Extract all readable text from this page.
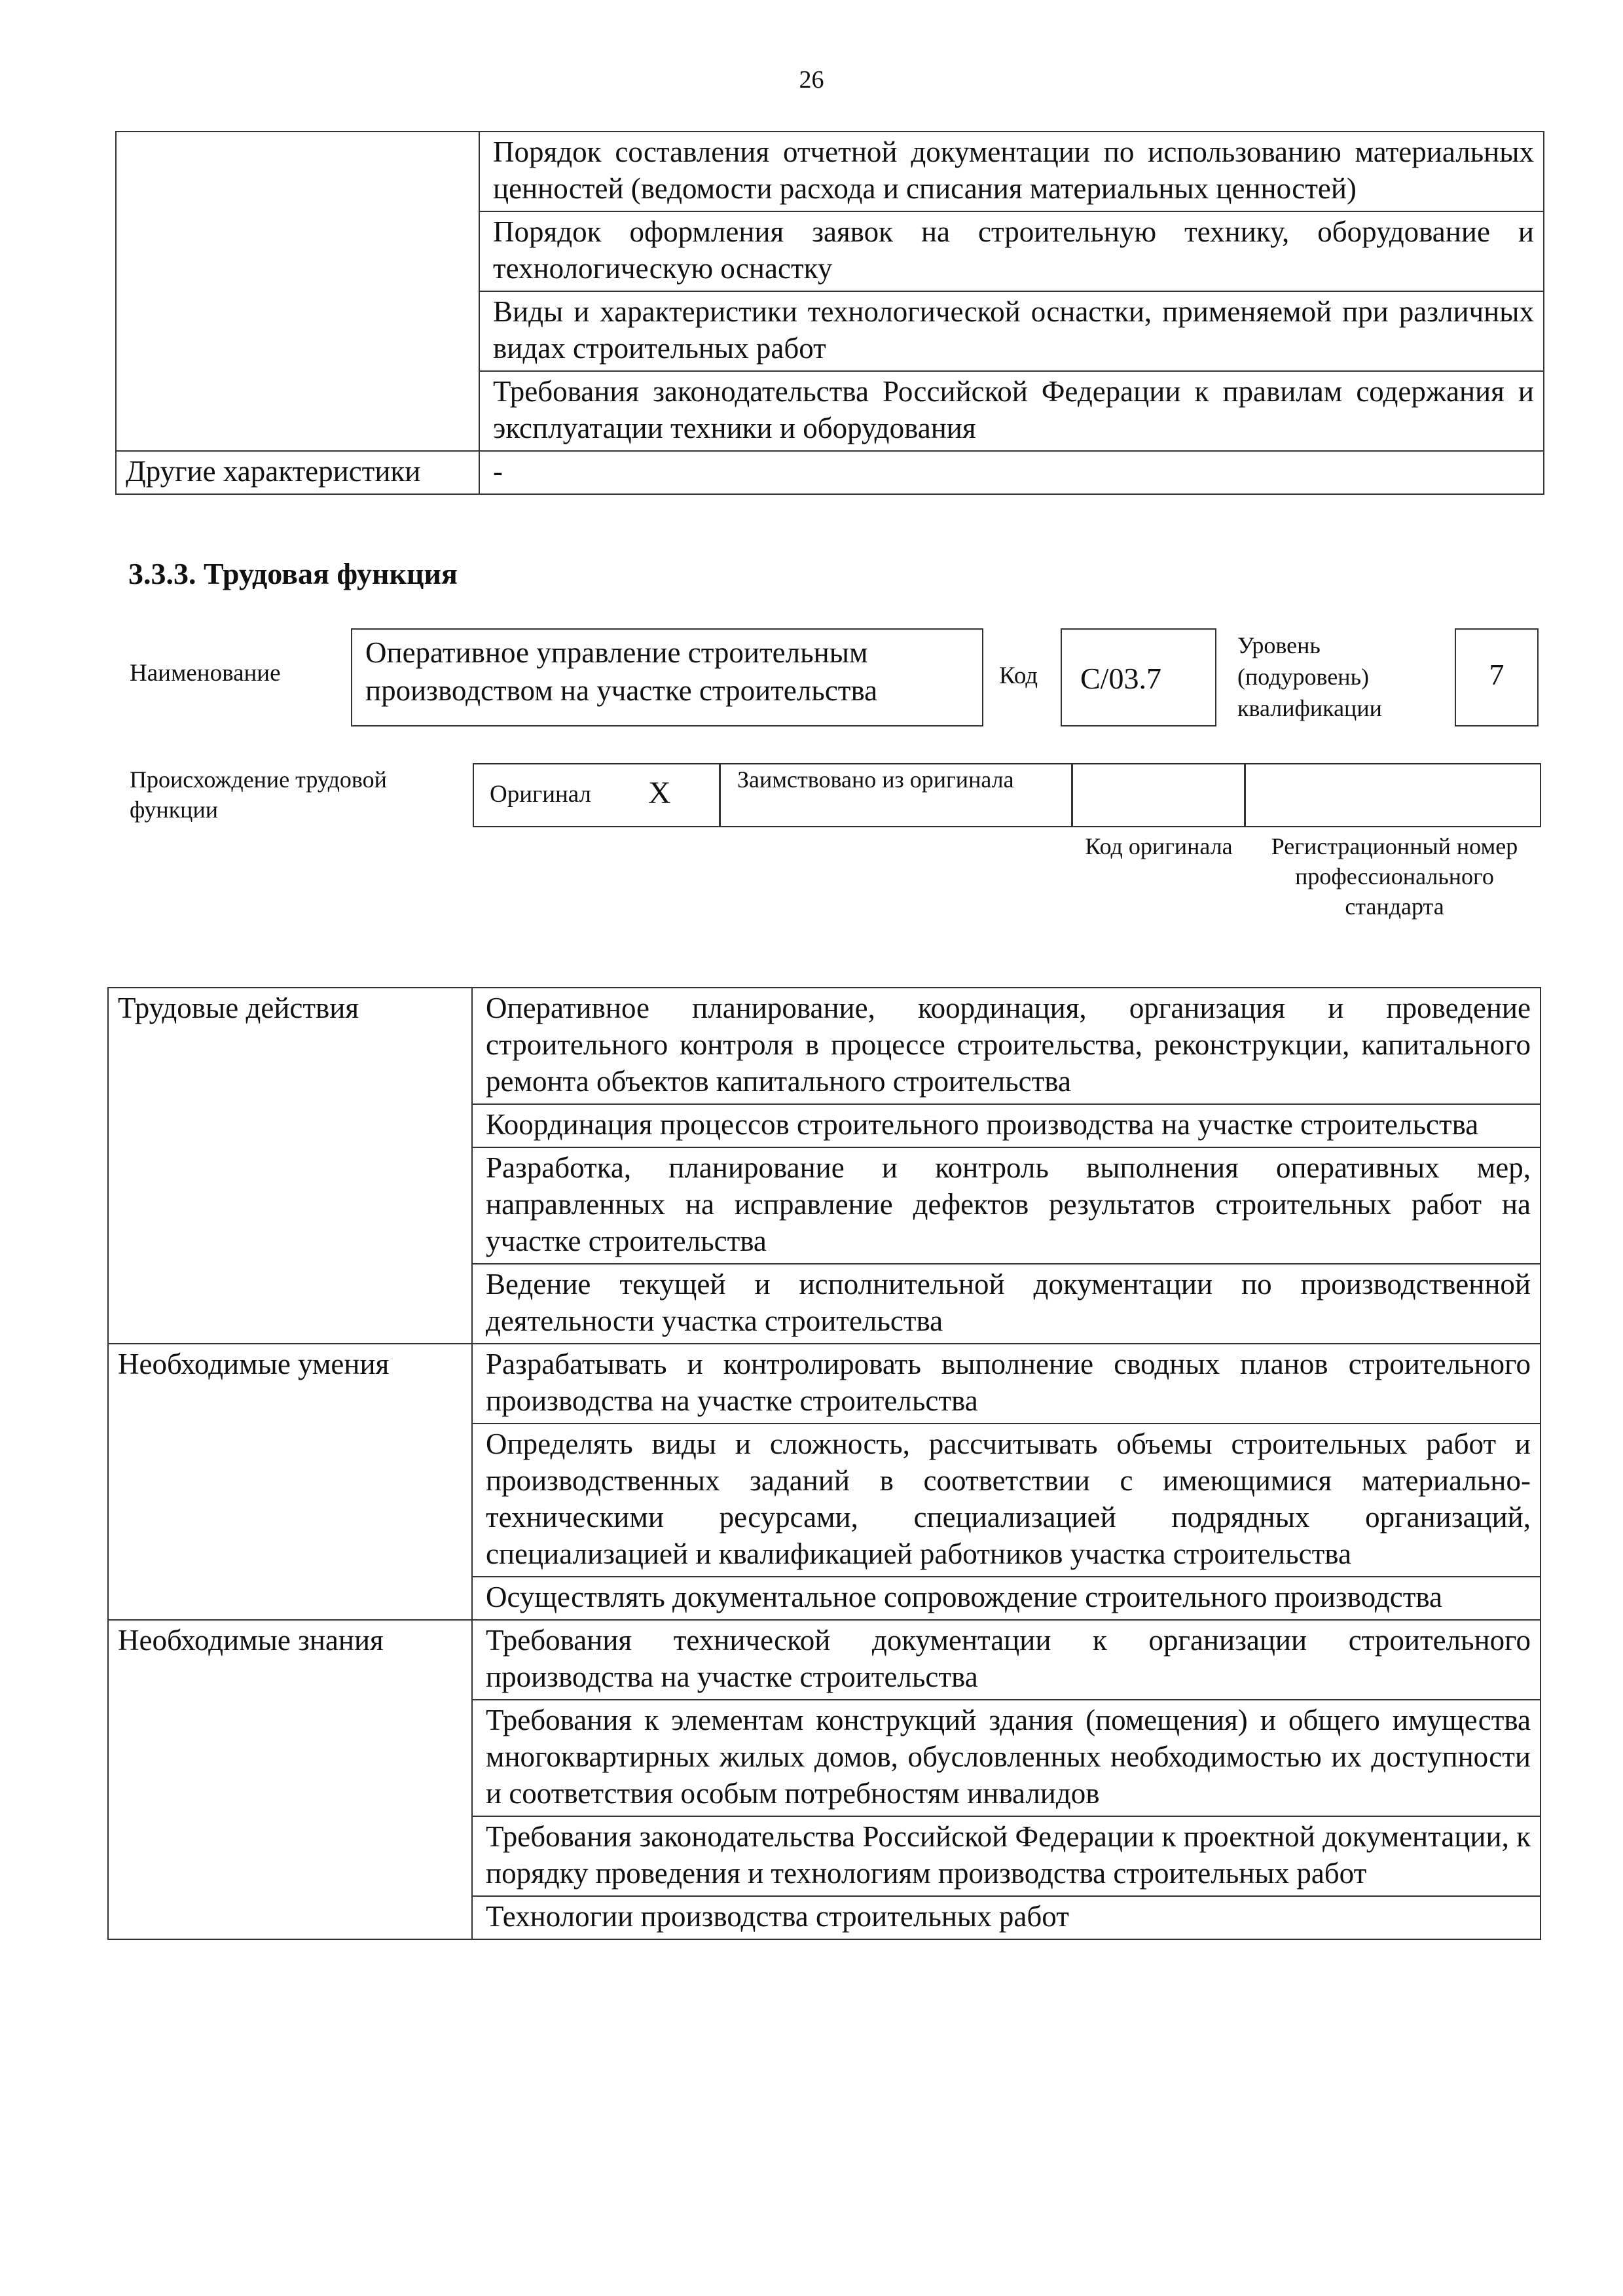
26
	Порядок составления отчетной документации по использованию материальных ценностей (ведомости расхода и списания материальных ценностей)
	Порядок оформления заявок на строительную технику, оборудование и технологическую оснастку
	Виды и характеристики технологической оснастки, применяемой при различных видах строительных работ
	Требования законодательства Российской Федерации к правилам содержания и эксплуатации техники и оборудования
Другие характеристики	-
3.3.3. Трудовая функция
Наименование
Оперативное управление строительным производством на участке строительства	Код	С/03.7
Уровень (подуровень) квалификации
7
Происхождение трудовой функции
Оригинал X	Заимствовано из оригинала
Код оригинала	Регистрационный номер профессионального стандарта
Трудовые действия	Оперативное планирование, координация, организация и проведение строительного контроля в процессе строительства, реконструкции, капитального ремонта объектов капитального строительства
	Координация процессов строительного производства на участке строительства
	Разработка, планирование и контроль выполнения оперативных мер, направленных на исправление дефектов результатов строительных работ на участке строительства
	Ведение текущей и исполнительной документации по производственной деятельности участка строительства
Необходимые умения	Разрабатывать и контролировать выполнение сводных планов строительного производства на участке строительства
	Определять виды и сложность, рассчитывать объемы строительных работ и производственных заданий в соответствии с имеющимися материально-техническими ресурсами, специализацией подрядных организаций, специализацией и квалификацией работников участка строительства
	Осуществлять документальное сопровождение строительного производства
Необходимые знания	Требования технической документации к организации строительного производства на участке строительства
	Требования к элементам конструкций здания (помещения) и общего имущества многоквартирных жилых домов, обусловленных необходимостью их доступности и соответствия особым потребностям инвалидов
	Требования законодательства Российской Федерации к проектной документации, к порядку проведения и технологиям производства строительных работ
	Технологии производства строительных работ
